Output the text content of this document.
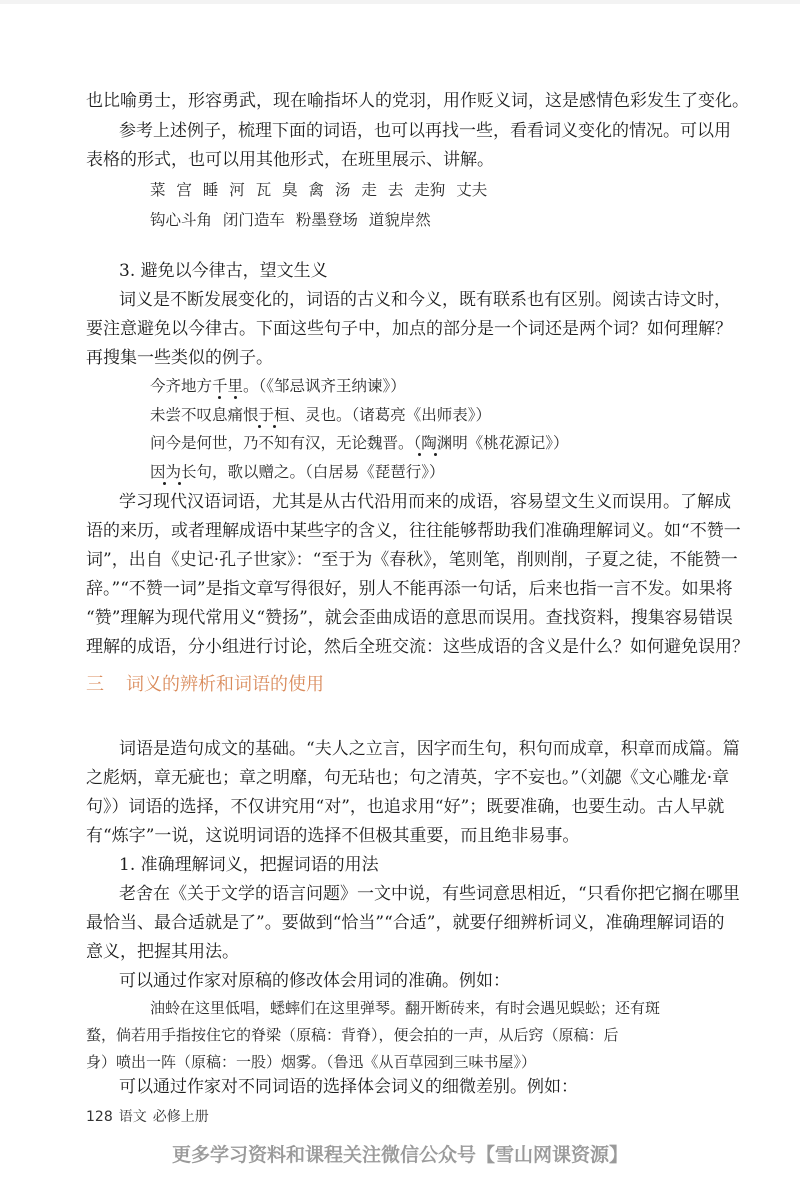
也比喻勇士，形容勇武，现在喻指坏人的党羽，用作贬义词，这是感情色彩发生了变化。
参考上述例子，梳理下面的词语，也可以再找一些，看看词义变化的情况。可以用
表格的形式，也可以用其他形式，在班里展示、讲解。
菜 宫 睡 河 瓦 臭 禽 汤 走 去 走狗 丈夫
钩心斗角 闭门造车 粉墨登场 道貌岸然
3. 避免以今律古，望文生义
词义是不断发展变化的，词语的古义和今义，既有联系也有区别。阅读古诗文时，
要注意避免以今律古。下面这些句子中，加点的部分是一个词还是两个词？如何理解？
再搜集一些类似的例子。
今齐地方千里。（《邹忌讽齐王纳谏》）
未尝不叹息痛恨于桓、灵也。（诸葛亮《出师表》）
问今是何世，乃不知有汉，无论魏晋。（陶渊明《桃花源记》）
因为长句，歌以赠之。（白居易《琵琶行》）
学习现代汉语词语，尤其是从古代沿用而来的成语，容易望文生义而误用。了解成
语的来历，或者理解成语中某些字的含义，往往能够帮助我们准确理解词义。如“不赞一
词”，出自《史记·孔子世家》：“至于为《春秋》，笔则笔，削则削，子夏之徒，不能赞一
辞。”“不赞一词”是指文章写得很好，别人不能再添一句话，后来也指一言不发。如果将
“赞”理解为现代常用义“赞扬”，就会歪曲成语的意思而误用。查找资料，搜集容易错误
理解的成语，分小组进行讨论，然后全班交流：这些成语的含义是什么？如何避免误用？
三 词义的辨析和词语的使用
词语是造句成文的基础。“夫人之立言，因字而生句，积句而成章，积章而成篇。篇
之彪炳，章无疵也；章之明靡，句无玷也；句之清英，字不妄也。”（刘勰《文心雕龙·章
句》）词语的选择，不仅讲究用“对”，也追求用“好”；既要准确，也要生动。古人早就
有“炼字”一说，这说明词语的选择不但极其重要，而且绝非易事。
1. 准确理解词义，把握词语的用法
老舍在《关于文学的语言问题》一文中说，有些词意思相近，“只看你把它搁在哪里
最恰当、最合适就是了”。要做到“恰当”“合适”，就要仔细辨析词义，准确理解词语的
意义，把握其用法。
可以通过作家对原稿的修改体会用词的准确。例如：
油蛉在这里低唱，蟋蟀们在这里弹琴。翻开断砖来，有时会遇见蜈蚣；还有斑
蝥，倘若用手指按住它的脊梁（原稿：背脊），便会拍的一声，从后窍（原稿：后
身）喷出一阵（原稿：一股）烟雾。（鲁迅《从百草园到三味书屋》）
可以通过作家对不同词语的选择体会词义的细微差别。例如：
128 语文 必修上册
更多学习资料和课程关注微信公众号【雪山网课资源】
